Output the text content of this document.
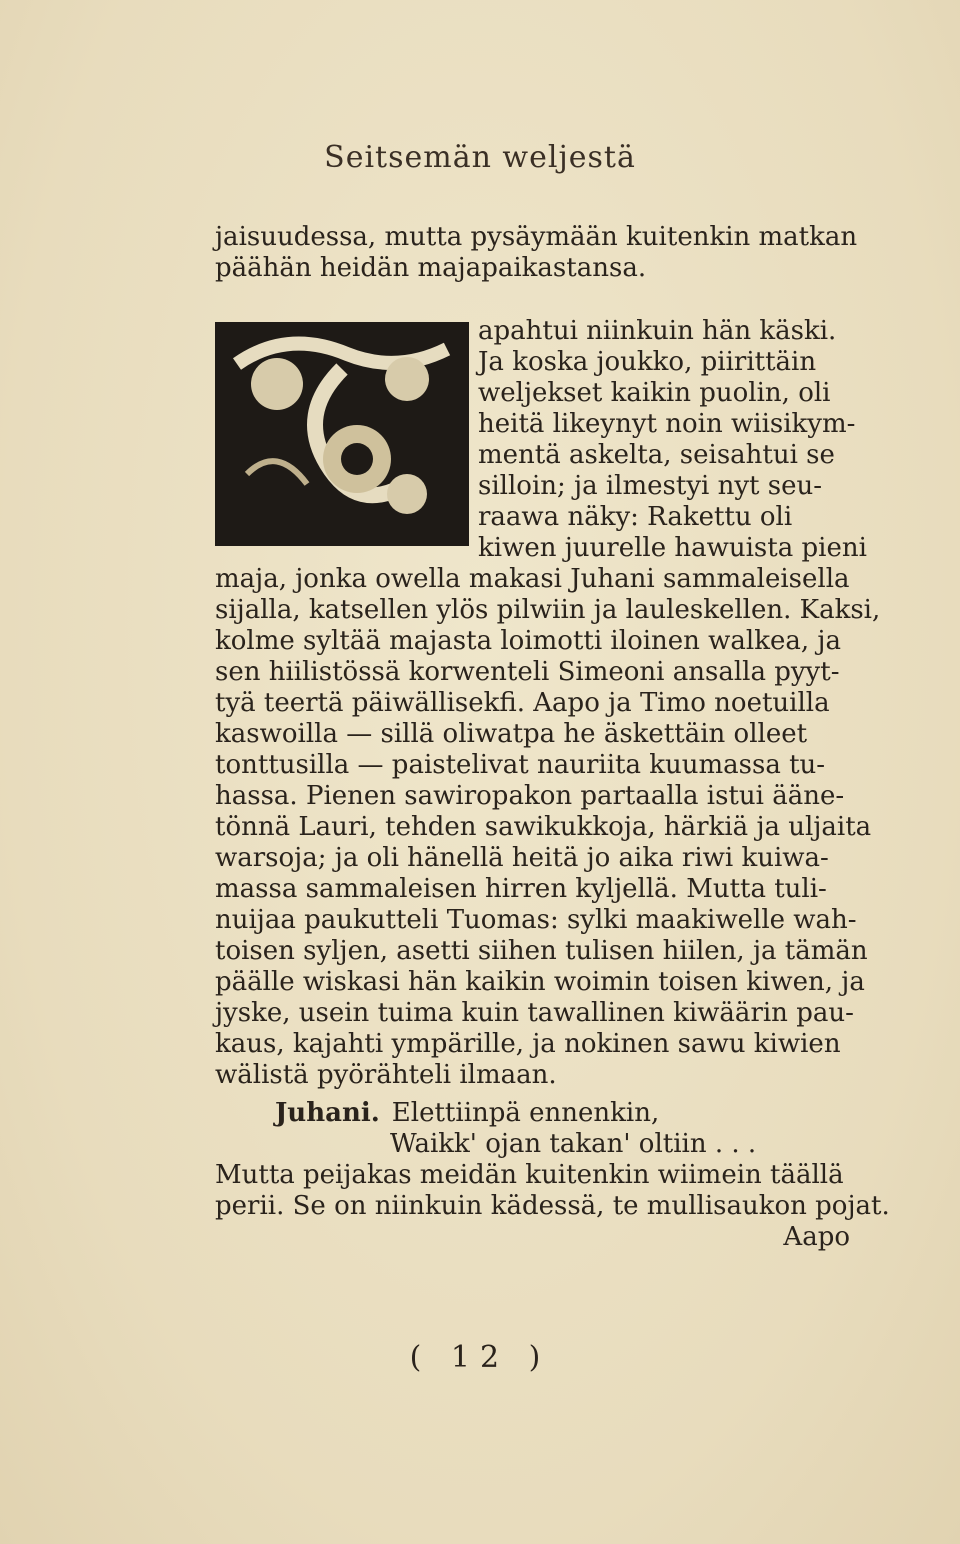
Seitsemän weljestä
jaisuudessa, mutta pysäymään kuitenkin matkan
päähän heidän majapaikastansa.
apahtui niinkuin hän käski.
Ja koska joukko, piirittäin
weljekset kaikin puolin, oli
heitä likeynyt noin wiisikym-
mentä askelta, seisahtui se
silloin; ja ilmestyi nyt seu-
raawa näky: Rakettu oli
kiwen juurelle hawuista pieni
maja, jonka owella makasi Juhani sammaleisella
sijalla, katsellen ylös pilwiin ja lauleskellen. Kaksi,
kolme syltää majasta loimotti iloinen walkea, ja
sen hiilistössä korwenteli Simeoni ansalla pyyt-
tyä teertä päiwällisekfi. Aapo ja Timo noetuilla
kaswoilla — sillä oliwatpa he äskettäin olleet
tonttusilla — paistelivat nauriita kuumassa tu-
hassa. Pienen sawiropakon partaalla istui ääne-
tönnä Lauri, tehden sawikukkoja, härkiä ja uljaita
warsoja; ja oli hänellä heitä jo aika riwi kuiwa-
massa sammaleisen hirren kyljellä. Mutta tuli-
nuijaa paukutteli Tuomas: sylki maakiwelle wah-
toisen syljen, asetti siihen tulisen hiilen, ja tämän
päälle wiskasi hän kaikin woimin toisen kiwen, ja
jyske, usein tuima kuin tawallinen kiwäärin pau-
kaus, kajahti ympärille, ja nokinen sawu kiwien
wälistä pyörähteli ilmaan.
Juhani. Elettiinpä ennenkin,
Waikk' ojan takan' oltiin . . .
Mutta peijakas meidän kuitenkin wiimein täällä
perii. Se on niinkuin kädessä, te mullisaukon pojat.
Aapo
( 12 )
